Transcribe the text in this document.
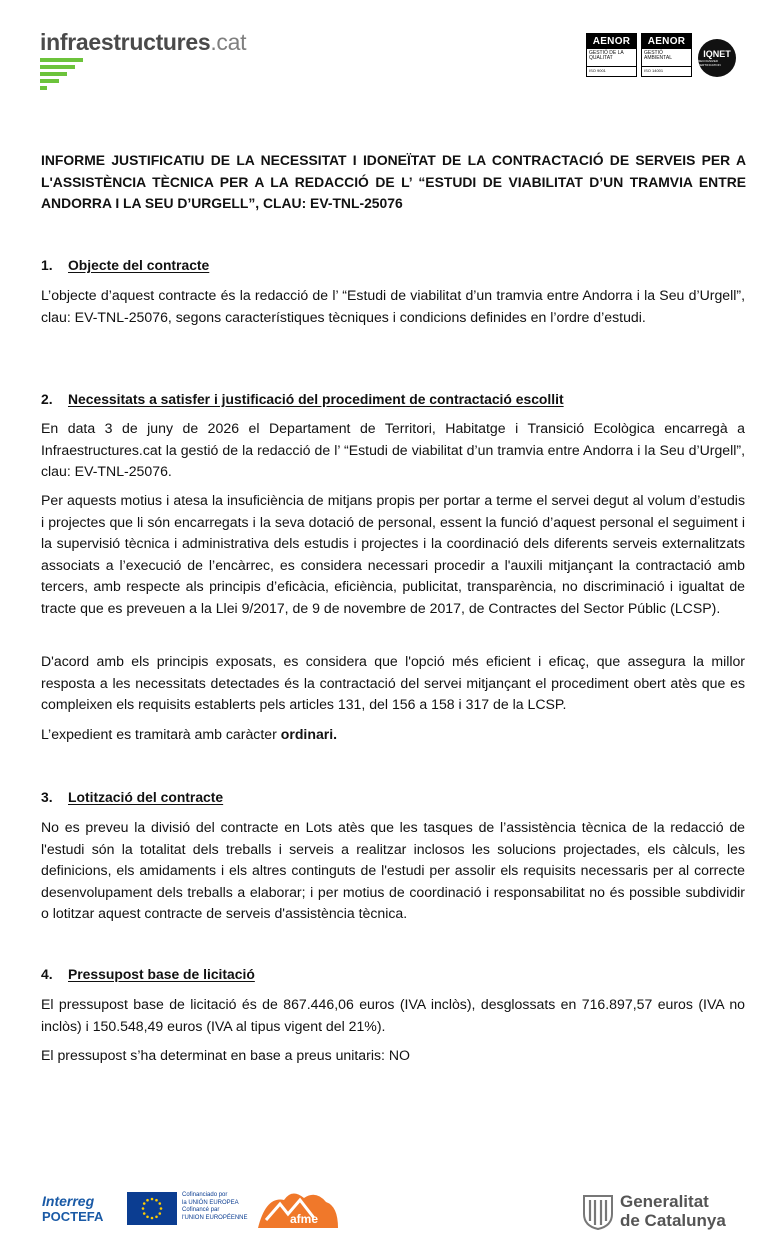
infraestructures.cat	AENOR
GESTIÓ DE LA QUALITAT
ISO 9001
AENOR
GESTIÓ AMBIENTAL
ISO 14001
IQNET
RECOGNIZED CERTIFICATION
INFORME JUSTIFICATIU DE LA NECESSITAT I IDONEÏTAT DE LA CONTRACTACIÓ DE SERVEIS PER A L'ASSISTÈNCIA TÈCNICA PER A LA REDACCIÓ DE L’ “ESTUDI DE VIABILITAT D’UN TRAMVIA ENTRE ANDORRA I LA SEU D’URGELL”, CLAU: EV-TNL-25076
1. Objecte del contracte
L’objecte d’aquest contracte és la redacció de l’ “Estudi de viabilitat d’un tramvia entre Andorra i la Seu d’Urgell”, clau: EV-TNL-25076, segons característiques tècniques i condicions definides en l’ordre d’estudi.
2. Necessitats a satisfer i justificació del procediment de contractació escollit
En data 3 de juny de 2026 el Departament de Territori, Habitatge i Transició Ecològica encarregà a Infraestructures.cat la gestió de la redacció de l’ “Estudi de viabilitat d’un tramvia entre Andorra i la Seu d’Urgell”, clau: EV-TNL-25076.
Per aquests motius i atesa la insuficiència de mitjans propis per portar a terme el servei degut al volum d’estudis i projectes que li són encarregats i la seva dotació de personal, essent la funció d’aquest personal el seguiment i la supervisió tècnica i administrativa dels estudis i projectes i la coordinació dels diferents serveis externalitzats associats a l’execució de l’encàrrec, es considera necessari procedir a l'auxili mitjançant la contractació amb tercers, amb respecte als principis d’eficàcia, eficiència, publicitat, transparència, no discriminació i igualtat de tracte que es preveuen a la Llei 9/2017, de 9 de novembre de 2017, de Contractes del Sector Públic (LCSP).
D'acord amb els principis exposats, es considera que l'opció més eficient i eficaç, que assegura la millor resposta a les necessitats detectades és la contractació del servei mitjançant el procediment obert atès que es compleixen els requisits establerts pels articles 131, del 156 a 158 i 317 de la LCSP.
L’expedient es tramitarà amb caràcter ordinari.
3. Lotització del contracte
No es preveu la divisió del contracte en Lots atès que les tasques de l’assistència tècnica de la redacció de l'estudi són la totalitat dels treballs i serveis a realitzar inclosos les solucions projectades, els càlculs, les definicions, els amidaments i els altres continguts de l'estudi per assolir els requisits necessaris per al correcte desenvolupament dels treballs a elaborar; i per motius de coordinació i responsabilitat no és possible subdividir o lotitzar aquest contracte de serveis d'assistència tècnica.
4. Pressupost base de licitació
El pressupost base de licitació és de 867.446,06 euros (IVA inclòs), desglossats en 716.897,57 euros (IVA no inclòs) i 150.548,49 euros (IVA al tipus vigent del 21%).
El pressupost s’ha determinat en base a preus unitaris: NO
Interreg
POCTEFA
Cofinanciado por
la UNIÓN EUROPEA
Cofinancé par
l'UNION EUROPÉENNE	afme
Generalitat
de Catalunya
